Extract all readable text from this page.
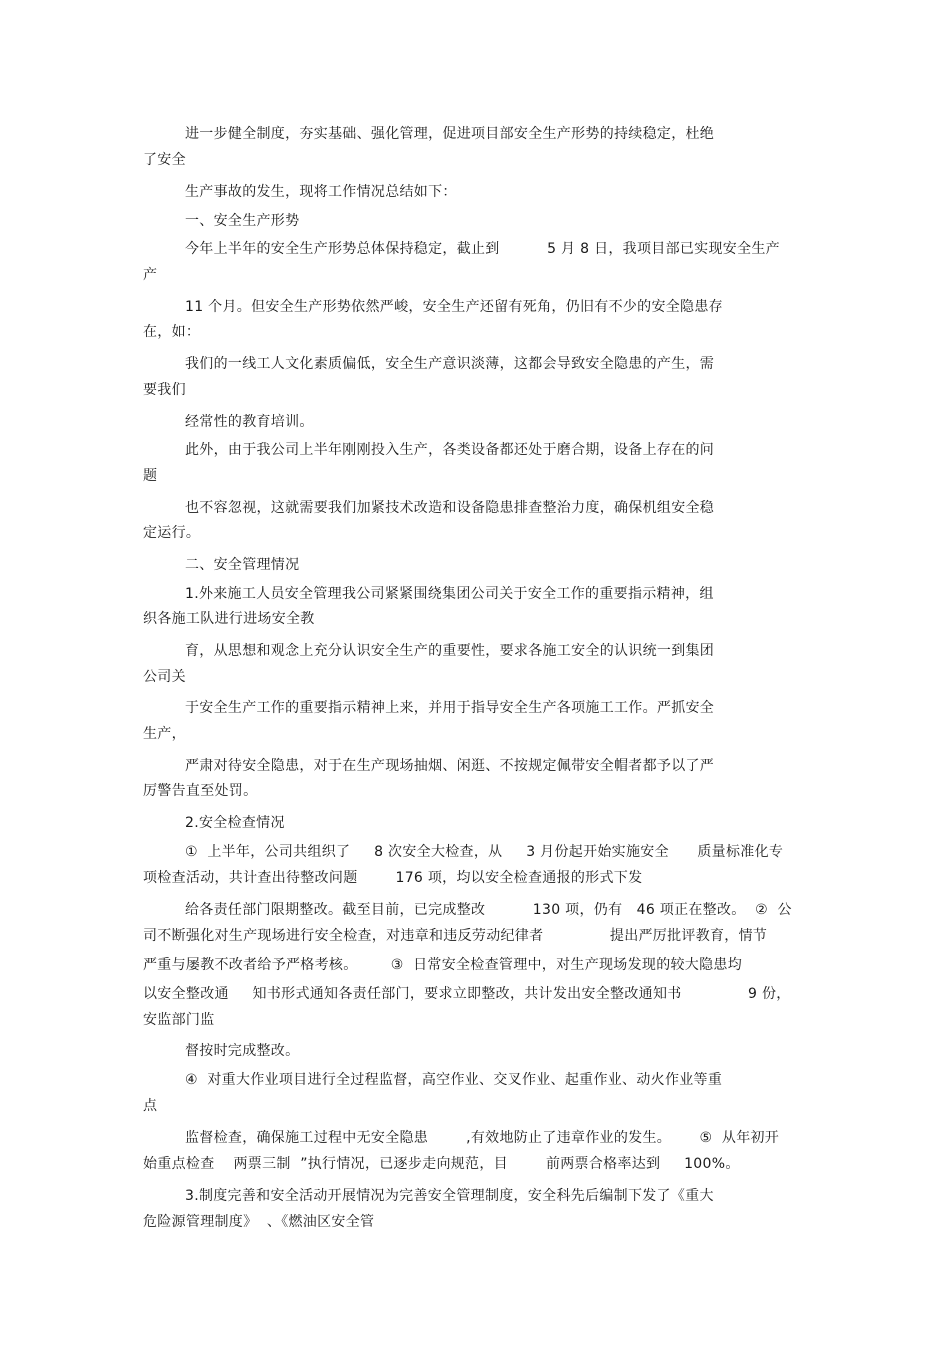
进一步健全制度，夯实基础、强化管理，促进项目部安全生产形势的持续稳定，杜绝
了安全
生产事故的发生，现将工作情况总结如下：
一、安全生产形势
今年上半年的安全生产形势总体保持稳定，截止到          5 月 8 日，我项目部已实现安全生产
产
11 个月。但安全生产形势依然严峻，安全生产还留有死角，仍旧有不少的安全隐患存
在，如：
我们的一线工人文化素质偏低，安全生产意识淡薄，这都会导致安全隐患的产生，需
要我们
经常性的教育培训。
此外，由于我公司上半年刚刚投入生产，各类设备都还处于磨合期，设备上存在的问
题
也不容忽视，这就需要我们加紧技术改造和设备隐患排查整治力度，确保机组安全稳
定运行。
二、安全管理情况
1.外来施工人员安全管理我公司紧紧围绕集团公司关于安全工作的重要指示精神，组
织各施工队进行进场安全教
育，从思想和观念上充分认识安全生产的重要性，要求各施工安全的认识统一到集团
公司关
于安全生产工作的重要指示精神上来，并用于指导安全生产各项施工工作。严抓安全
生产，
严肃对待安全隐患，对于在生产现场抽烟、闲逛、不按规定佩带安全帽者都予以了严
厉警告直至处罚。
2.安全检查情况
①  上半年，公司共组织了     8 次安全大检查，从     3 月份起开始实施安全      质量标准化专
项检查活动，共计查出待整改问题        176 项，均以安全检查通报的形式下发
给各责任部门限期整改。截至目前，已完成整改          130 项，仍有   46 项正在整改。  ②  公
司不断强化对生产现场进行安全检查，对违章和违反劳动纪律者              提出严厉批评教育，情节
严重与屡教不改者给予严格考核。       ③  日常安全检查管理中，对生产现场发现的较大隐患均
以安全整改通     知书形式通知各责任部门，要求立即整改，共计发出安全整改通知书              9 份，
安监部门监
督按时完成整改。
④  对重大作业项目进行全过程监督，高空作业、交叉作业、起重作业、动火作业等重
点
监督检查，确保施工过程中无安全隐患        ,有效地防止了违章作业的发生。      ⑤  从年初开
始重点检查    两票三制  ”执行情况，已逐步走向规范，目        前两票合格率达到     100%。
3.制度完善和安全活动开展情况为完善安全管理制度，安全科先后编制下发了《重大
危险源管理制度》  、《燃油区安全管
